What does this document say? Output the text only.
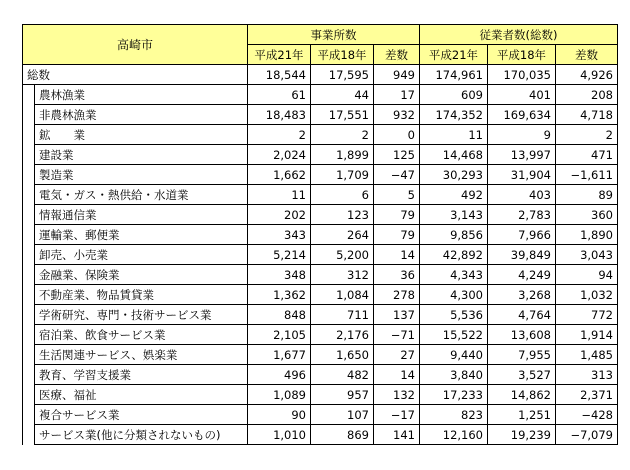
高崎市		事業所数			従業者数(総数)		
		平成21年	平成18年	差数	平成21年	平成18年	差数
総数		18,544	17,595	949	174,961	170,035	4,926
	農林漁業	61	44	17	609	401	208
	非農林漁業	18,483	17,551	932	174,352	169,634	4,718
	鉱　　業	2	2	0	11	9	2
	建設業	2,024	1,899	125	14,468	13,997	471
	製造業	1,662	1,709	−47	30,293	31,904	−1,611
	電気・ガス・熱供給・水道業	11	6	5	492	403	89
	情報通信業	202	123	79	3,143	2,783	360
	運輸業、郵便業	343	264	79	9,856	7,966	1,890
	卸売、小売業	5,214	5,200	14	42,892	39,849	3,043
	金融業、保険業	348	312	36	4,343	4,249	94
	不動産業、物品賃貸業	1,362	1,084	278	4,300	3,268	1,032
	学術研究、専門・技術サービス業	848	711	137	5,536	4,764	772
	宿泊業、飲食サービス業	2,105	2,176	−71	15,522	13,608	1,914
	生活関連サービス、娯楽業	1,677	1,650	27	9,440	7,955	1,485
	教育、学習支援業	496	482	14	3,840	3,527	313
	医療、福祉	1,089	957	132	17,233	14,862	2,371
	複合サービス業	90	107	−17	823	1,251	−428
	サービス業(他に分類されないもの)	1,010	869	141	12,160	19,239	−7,079
